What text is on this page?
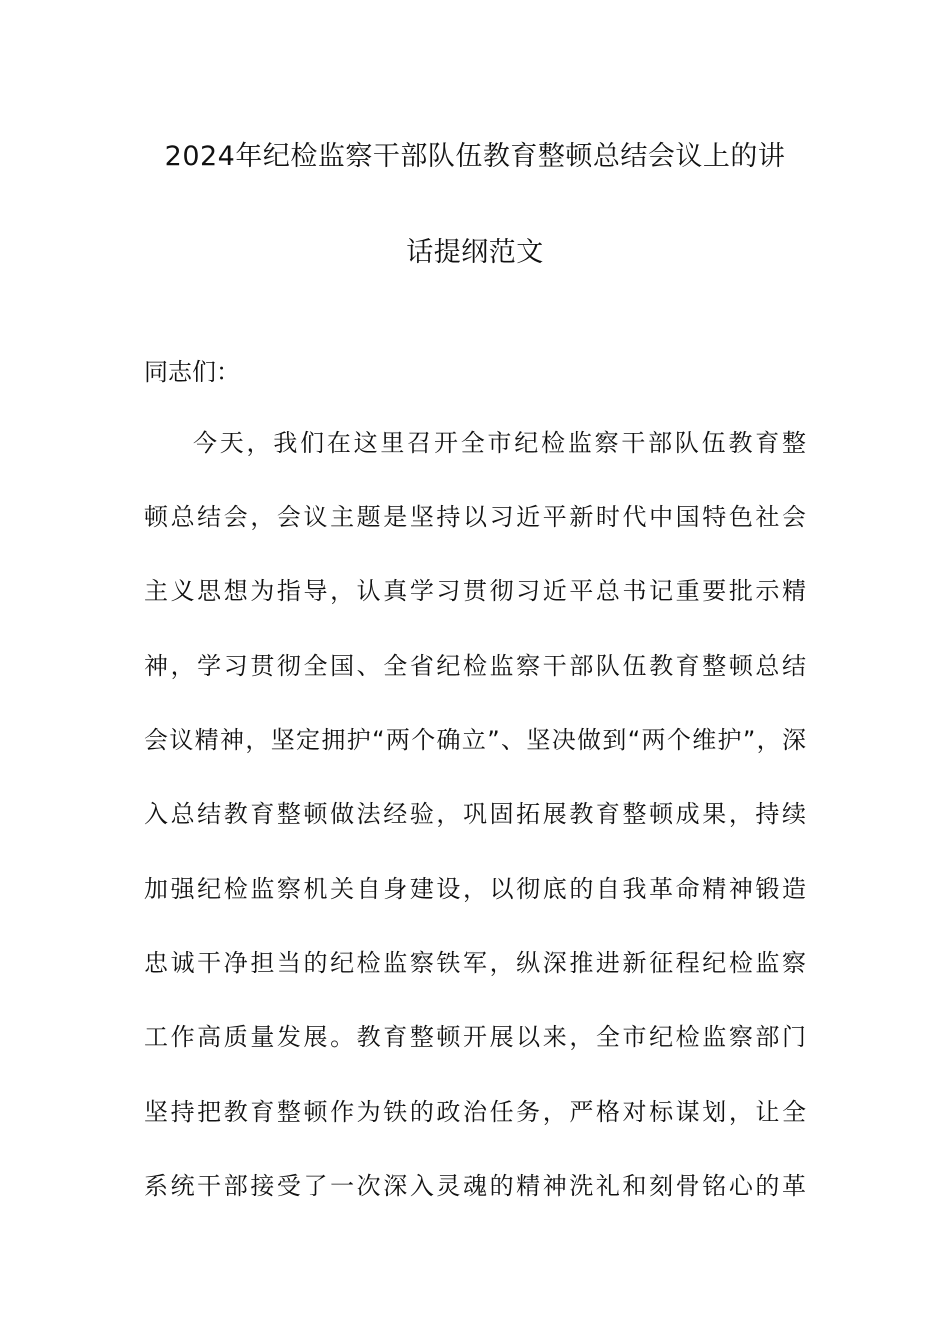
2024年纪检监察干部队伍教育整顿总结会议上的讲
话提纲范文
同志们：
今天，我们在这里召开全市纪检监察干部队伍教育整
顿总结会，会议主题是坚持以习近平新时代中国特色社会
主义思想为指导，认真学习贯彻习近平总书记重要批示精
神，学习贯彻全国、全省纪检监察干部队伍教育整顿总结
会议精神，坚定拥护“两个确立”、坚决做到“两个维护”，深
入总结教育整顿做法经验，巩固拓展教育整顿成果，持续
加强纪检监察机关自身建设，以彻底的自我革命精神锻造
忠诚干净担当的纪检监察铁军，纵深推进新征程纪检监察
工作高质量发展。教育整顿开展以来，全市纪检监察部门
坚持把教育整顿作为铁的政治任务，严格对标谋划，让全
系统干部接受了一次深入灵魂的精神洗礼和刻骨铭心的革
